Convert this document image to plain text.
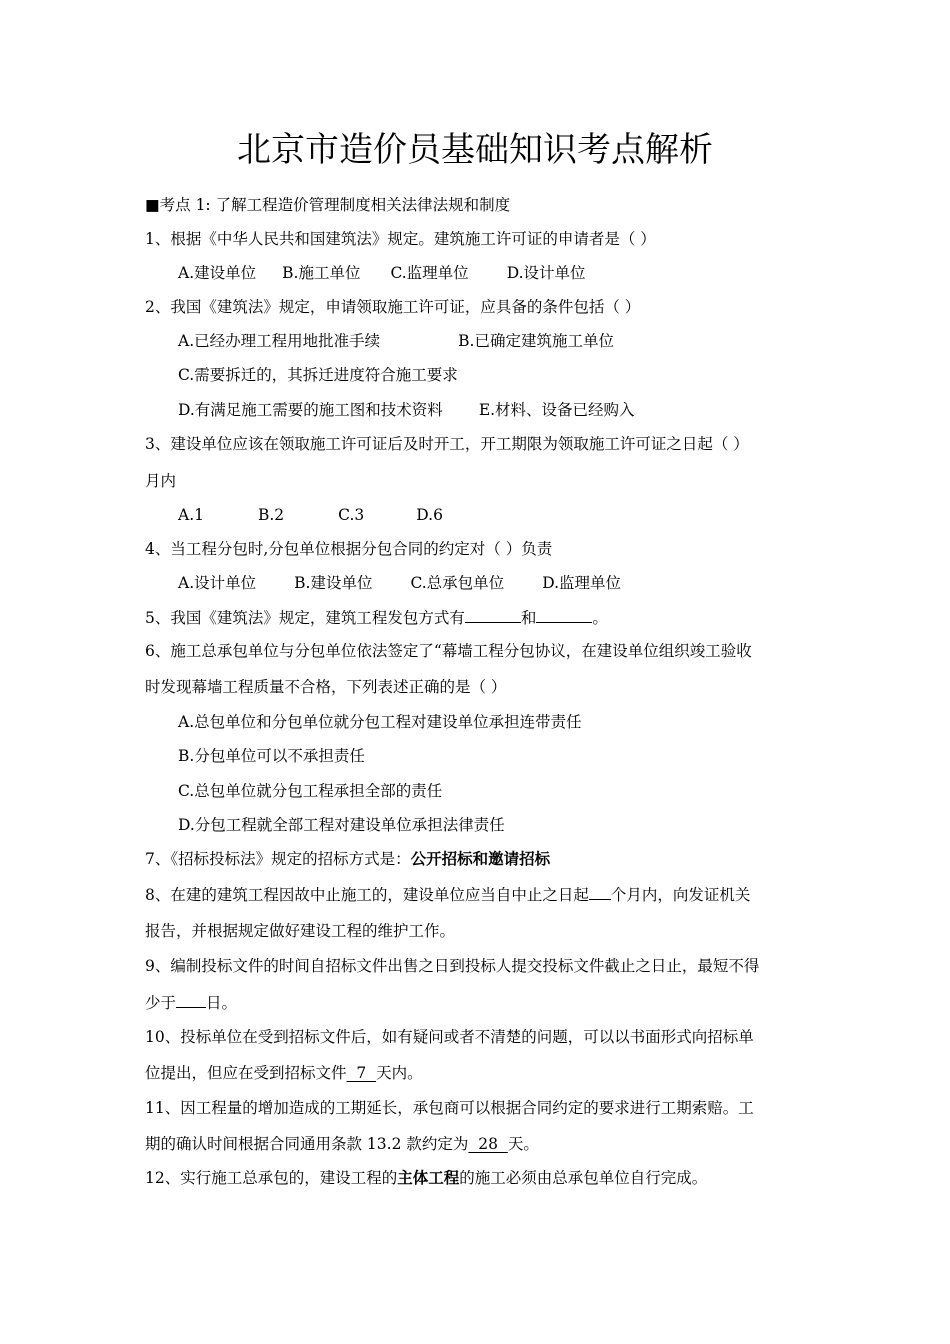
北京市造价员基础知识考点解析
■考点 1: 了解工程造价管理制度相关法律法规和制度
1、根据《中华人民共和国建筑法》规定。建筑施工许可证的申请者是（ ）
A.建设单位 B.施工单位 C.监理单位 D.设计单位
2、我国《建筑法》规定，申请领取施工许可证，应具备的条件包括（ ）
A.已经办理工程用地批准手续	B.已确定建筑施工单位
C.需要拆迁的，其拆迁进度符合施工要求
D.有满足施工需要的施工图和技术资料 E.材料、设备已经购入
3、建设单位应该在领取施工许可证后及时开工，开工期限为领取施工许可证之日起（ ）
月内
A.1	B.2	C.3	D.6
4、当工程分包时,分包单位根据分包合同的约定对（ ）负责
A.设计单位 B.建设单位 C.总承包单位 D.监理单位
5、我国《建筑法》规定，建筑工程发包方式有	和	。
6、施工总承包单位与分包单位依法签定了“幕墙工程分包协议，在建设单位组织竣工验收
时发现幕墙工程质量不合格，下列表述正确的是（ ）
A.总包单位和分包单位就分包工程对建设单位承担连带责任
B.分包单位可以不承担责任
C.总包单位就分包工程承担全部的责任
D.分包工程就全部工程对建设单位承担法律责任
7、《招标投标法》规定的招标方式是：公开招标和邀请招标
8、在建的建筑工程因故中止施工的，建设单位应当自中止之日起 个月内，向发证机关
报告，并根据规定做好建设工程的维护工作。
9、编制投标文件的时间自招标文件出售之日到投标人提交投标文件截止之日止，最短不得
少于 日。
10、投标单位在受到招标文件后，如有疑问或者不清楚的问题，可以以书面形式向招标单
位提出，但应在受到招标文件  7  天内。
11、因工程量的增加造成的工期延长，承包商可以根据合同约定的要求进行工期索赔。工
期的确认时间根据合同通用条款 13.2 款约定为  28  天。
12、实行施工总承包的，建设工程的主体工程的施工必须由总承包单位自行完成。
